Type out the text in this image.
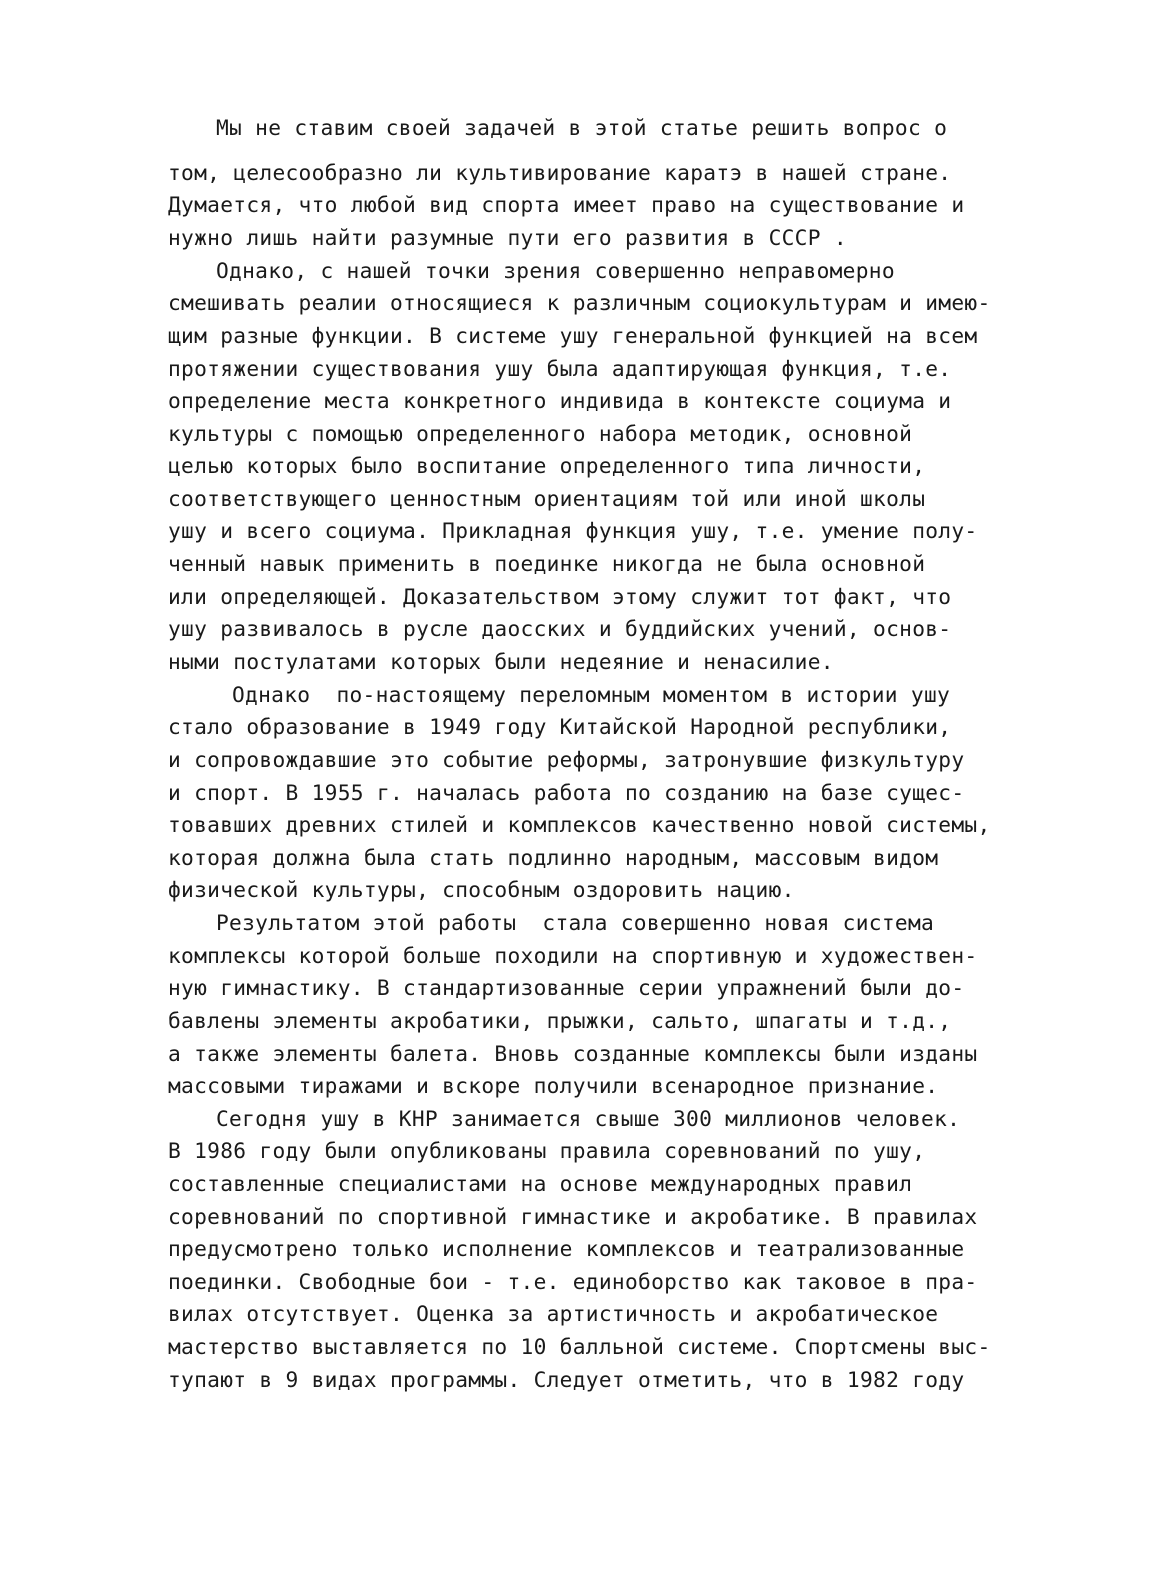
Мы не ставим своей задачей в этой статье решить вопрос о
том, целесообразно ли культивирование каратэ в нашей стране.
Думается, что любой вид спорта имеет право на существование и
нужно лишь найти разумные пути его развития в СССР .
Однако, с нашей точки зрения совершенно неправомерно
смешивать реалии относящиеся к различным социокультурам и имею-
щим разные функции. В системе ушу генеральной функцией на всем
протяжении существования ушу была адаптирующая функция, т.е.
определение места конкретного индивида в контексте социума и
культуры с помощью определенного набора методик, основной
целью которых было воспитание определенного типа личности,
соответствующего ценностным ориентациям той или иной школы
ушу и всего социума. Прикладная функция ушу, т.е. умение полу-
ченный навык применить в поединке никогда не была основной
или определяющей. Доказательством этому служит тот факт, что
ушу развивалось в русле даосских и буддийских учений, основ-
ными постулатами которых были недеяние и ненасилие.
Однако  по-настоящему переломным моментом в истории ушу
стало образование в 1949 году Китайской Народной республики,
и сопровождавшие это событие реформы, затронувшие физкультуру
и спорт. В 1955 г. началась работа по созданию на базе сущес-
товавших древних стилей и комплексов качественно новой системы,
которая должна была стать подлинно народным, массовым видом
физической культуры, способным оздоровить нацию.
Результатом этой работы  стала совершенно новая система
комплексы которой больше походили на спортивную и художествен-
ную гимнастику. В стандартизованные серии упражнений были до-
бавлены элементы акробатики, прыжки, сальто, шпагаты и т.д.,
а также элементы балета. Вновь созданные комплексы были изданы
массовыми тиражами и вскоре получили всенародное признание.
Сегодня ушу в КНР занимается свыше 300 миллионов человек.
В 1986 году были опубликованы правила соревнований по ушу,
составленные специалистами на основе международных правил
соревнований по спортивной гимнастике и акробатике. В правилах
предусмотрено только исполнение комплексов и театрализованные
поединки. Свободные бои - т.е. единоборство как таковое в пра-
вилах отсутствует. Оценка за артистичность и акробатическое
мастерство выставляется по 10 балльной системе. Спортсмены выс-
тупают в 9 видах программы. Следует отметить, что в 1982 году
